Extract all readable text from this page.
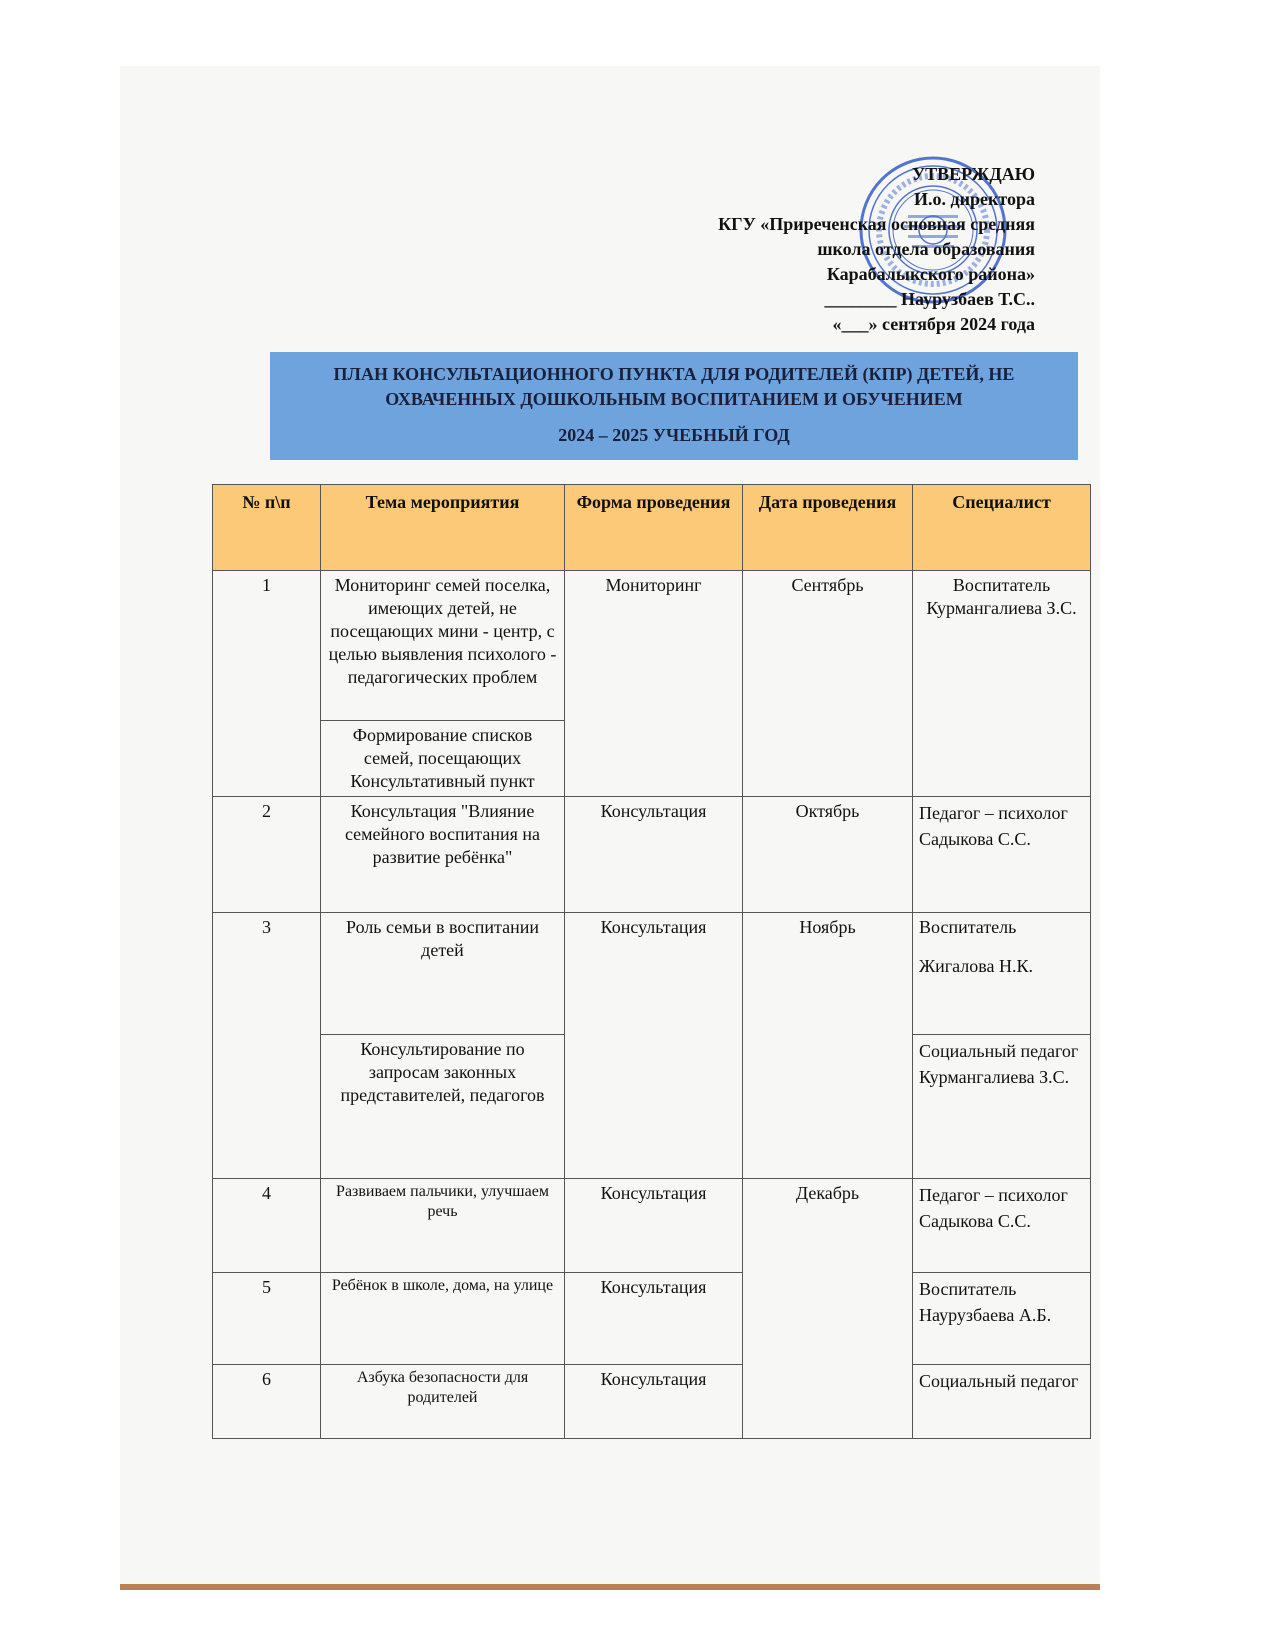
УТВЕРЖДАЮ
И.о. директора
КГУ «Приреченская основная средняя
школа отдела образования
Карабалыкского района»
________ Наурузбаев Т.С..
«___» сентября 2024 года
ПЛАН КОНСУЛЬТАЦИОННОГО ПУНКТА ДЛЯ РОДИТЕЛЕЙ (КПР) ДЕТЕЙ, НЕ ОХВАЧЕННЫХ ДОШКОЛЬНЫМ ВОСПИТАНИЕМ И ОБУЧЕНИЕМ
2024 – 2025 УЧЕБНЫЙ ГОД
№ п\п	Тема мероприятия	Форма проведения	Дата проведения	Специалист
1	Мониторинг семей поселка, имеющих детей, не посещающих мини - центр, с целью выявления психолого - педагогических проблем	Мониторинг	Сентябрь	Воспитатель Курмангалиева З.С.
	Формирование списков семей, посещающих Консультативный пункт			
2	Консультация "Влияние семейного воспитания на развитие ребёнка"	Консультация	Октябрь	Педагог – психолог Садыкова С.С.
3	Роль семьи в воспитании детей	Консультация	Ноябрь	Воспитатель
Жигалова Н.К.

	Консультирование по запросам законных представителей, педагогов			Социальный педагог Курмангалиева З.С.
4	Развиваем пальчики, улучшаем речь	Консультация	Декабрь	Педагог – психолог Садыкова С.С.
5	Ребёнок в школе, дома, на улице	Консультация		Воспитатель Наурузбаева А.Б.
6	Азбука безопасности для родителей	Консультация		Социальный педагог
